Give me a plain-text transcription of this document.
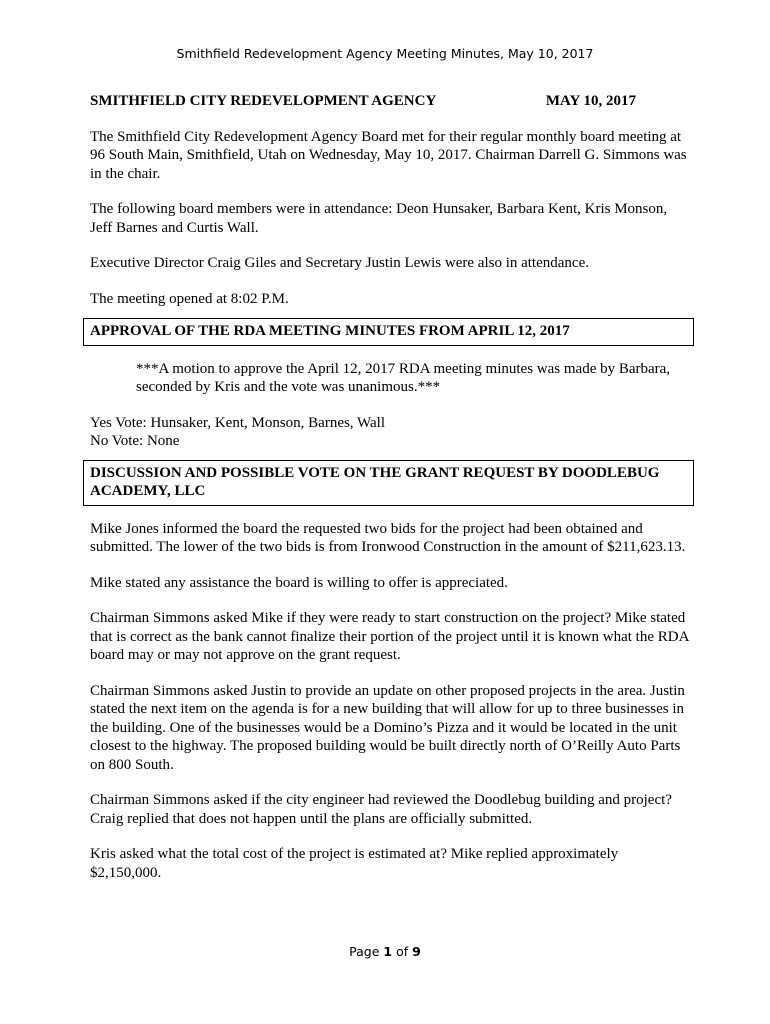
Smithfield Redevelopment Agency Meeting Minutes, May 10, 2017
SMITHFIELD CITY REDEVELOPMENT AGENCY	MAY 10, 2017

The Smithfield City Redevelopment Agency Board met for their regular monthly board meeting at 96 South Main, Smithfield, Utah on Wednesday, May 10, 2017. Chairman Darrell G. Simmons was in the chair.

The following board members were in attendance: Deon Hunsaker, Barbara Kent, Kris Monson, Jeff Barnes and Curtis Wall.

Executive Director Craig Giles and Secretary Justin Lewis were also in attendance.

The meeting opened at 8:02 P.M.

APPROVAL OF THE RDA MEETING MINUTES FROM APRIL 12, 2017

***A motion to approve the April 12, 2017 RDA meeting minutes was made by Barbara, seconded by Kris and the vote was unanimous.***

Yes Vote: Hunsaker, Kent, Monson, Barnes, Wall

No Vote: None

DISCUSSION AND POSSIBLE VOTE ON THE GRANT REQUEST BY DOODLEBUG ACADEMY, LLC

Mike Jones informed the board the requested two bids for the project had been obtained and submitted. The lower of the two bids is from Ironwood Construction in the amount of $211,623.13.

Mike stated any assistance the board is willing to offer is appreciated.

Chairman Simmons asked Mike if they were ready to start construction on the project? Mike stated that is correct as the bank cannot finalize their portion of the project until it is known what the RDA board may or may not approve on the grant request.

Chairman Simmons asked Justin to provide an update on other proposed projects in the area. Justin stated the next item on the agenda is for a new building that will allow for up to three businesses in the building. One of the businesses would be a Domino’s Pizza and it would be located in the unit closest to the highway. The proposed building would be built directly north of O’Reilly Auto Parts on 800 South.

Chairman Simmons asked if the city engineer had reviewed the Doodlebug building and project? Craig replied that does not happen until the plans are officially submitted.

Kris asked what the total cost of the project is estimated at? Mike replied approximately $2,150,000.

Page 1 of 9
